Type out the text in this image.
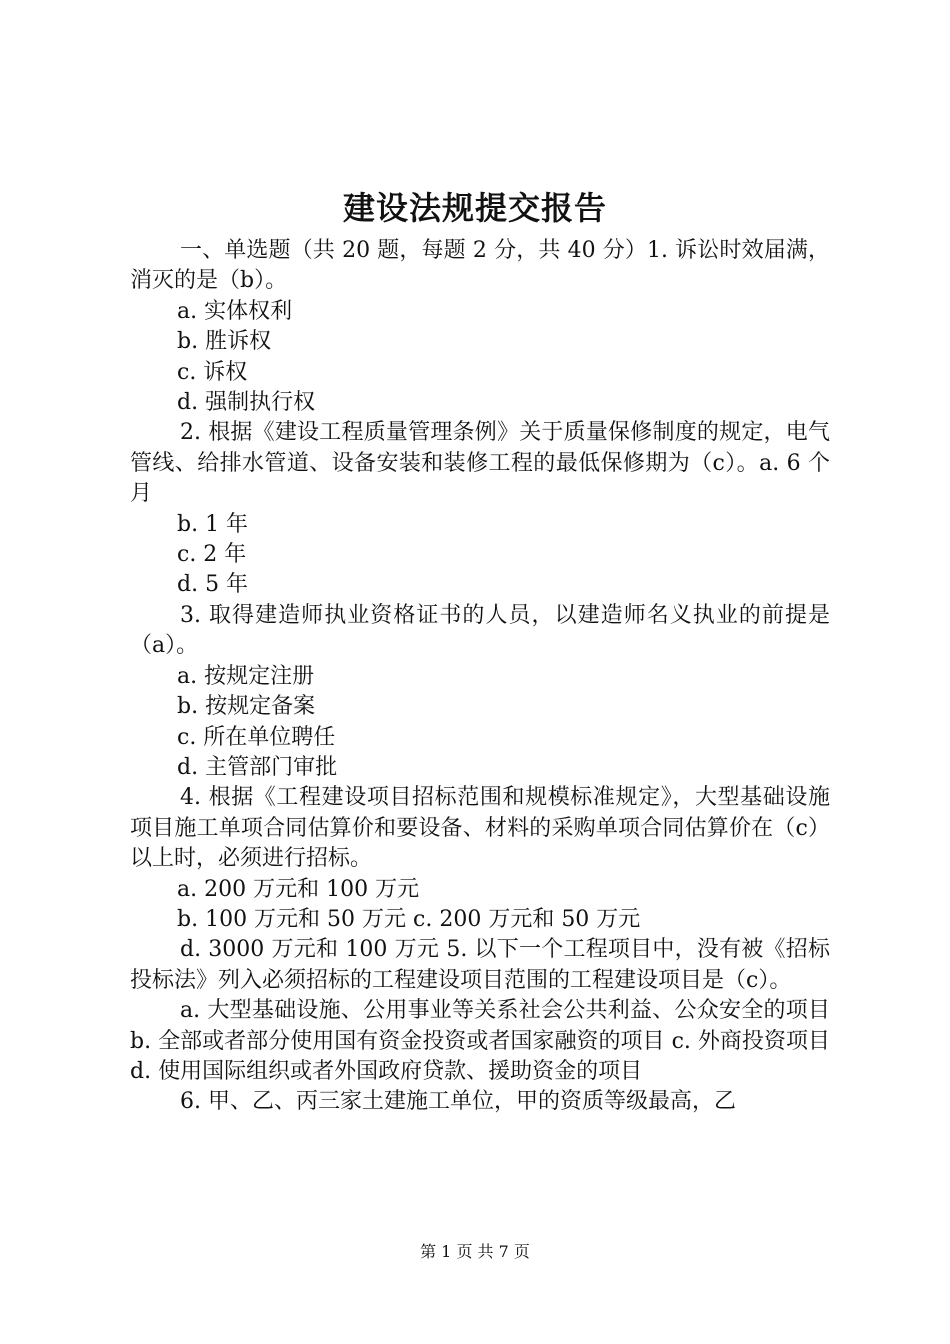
建设法规提交报告

一、单选题（共 20 题，每题 2 分，共 40 分）1. 诉讼时效届满，消灭的是（b）。

a. 实体权利

b. 胜诉权

c. 诉权

d. 强制执行权

2. 根据《建设工程质量管理条例》关于质量保修制度的规定，电气管线、给排水管道、设备安装和装修工程的最低保修期为（c）。a. 6 个月

b. 1 年

c. 2 年

d. 5 年

3. 取得建造师执业资格证书的人员，以建造师名义执业的前提是（a）。

a. 按规定注册

b. 按规定备案

c. 所在单位聘任

d. 主管部门审批

4. 根据《工程建设项目招标范围和规模标准规定》，大型基础设施项目施工单项合同估算价和要设备、材料的采购单项合同估算价在（c）以上时，必须进行招标。

a. 200 万元和 100 万元

b. 100 万元和 50 万元 c. 200 万元和 50 万元

d. 3000 万元和 100 万元 5. 以下一个工程项目中，没有被《招标投标法》列入必须招标的工程建设项目范围的工程建设项目是（c）。

a. 大型基础设施、公用事业等关系社会公共利益、公众安全的项目 b. 全部或者部分使用国有资金投资或者国家融资的项目 c. 外商投资项目 d. 使用国际组织或者外国政府贷款、援助资金的项目

6. 甲、乙、丙三家土建施工单位，甲的资质等级最高，乙

第 1 页 共 7 页
